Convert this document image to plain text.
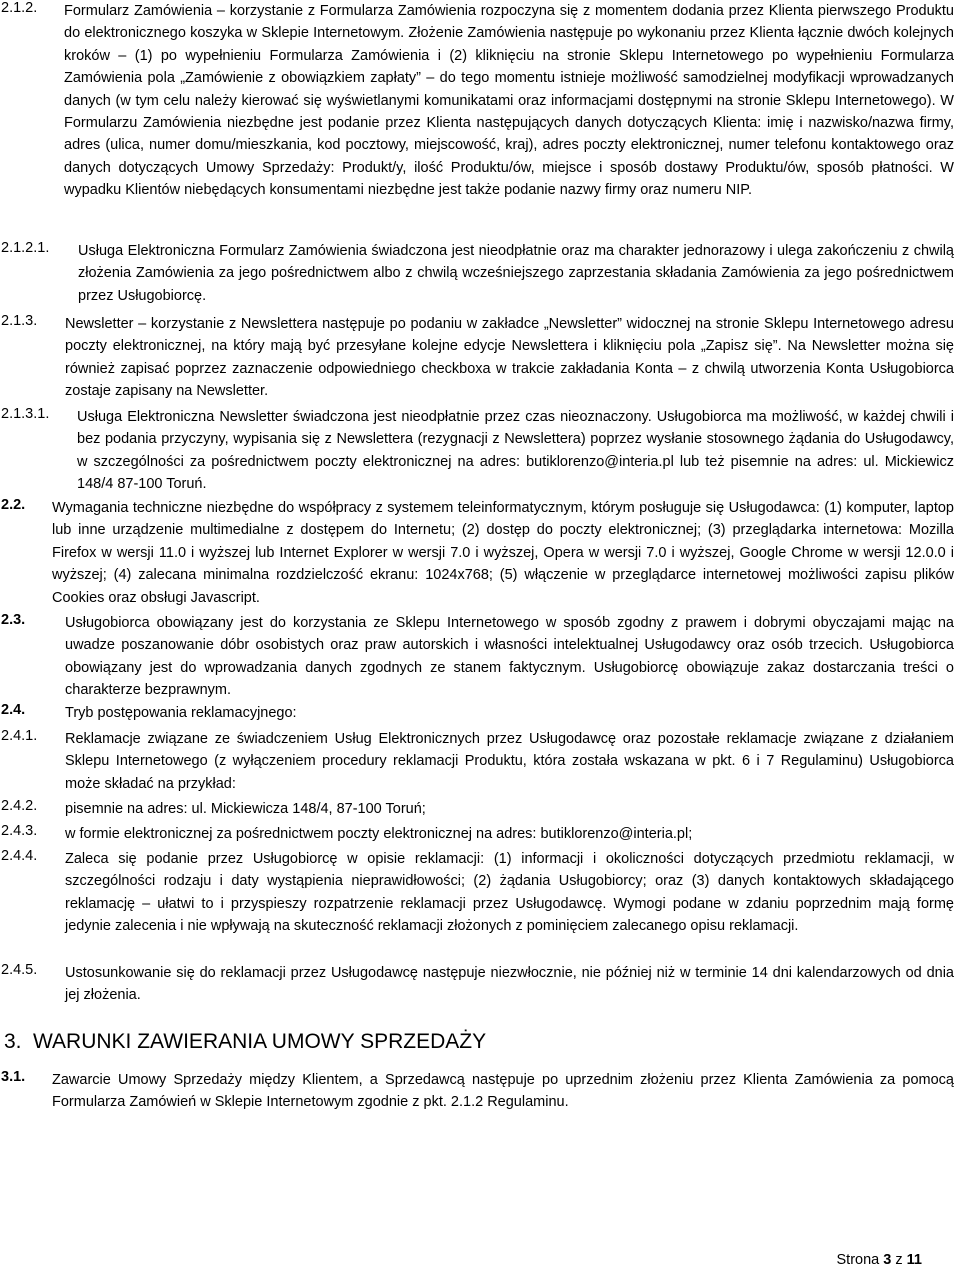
2.1.2. Formularz Zamówienia – korzystanie z Formularza Zamówienia rozpoczyna się z momentem dodania przez Klienta pierwszego Produktu do elektronicznego koszyka w Sklepie Internetowym. Złożenie Zamówienia następuje po wykonaniu przez Klienta łącznie dwóch kolejnych kroków – (1) po wypełnieniu Formularza Zamówienia i (2) kliknięciu na stronie Sklepu Internetowego po wypełnieniu Formularza Zamówienia pola „Zamówienie z obowiązkiem zapłaty” – do tego momentu istnieje możliwość samodzielnej modyfikacji wprowadzanych danych (w tym celu należy kierować się wyświetlanymi komunikatami oraz informacjami dostępnymi na stronie Sklepu Internetowego). W Formularzu Zamówienia niezbędne jest podanie przez Klienta następujących danych dotyczących Klienta: imię i nazwisko/nazwa firmy, adres (ulica, numer domu/mieszkania, kod pocztowy, miejscowość, kraj), adres poczty elektronicznej, numer telefonu kontaktowego oraz danych dotyczących Umowy Sprzedaży: Produkt/y, ilość Produktu/ów, miejsce i sposób dostawy Produktu/ów, sposób płatności. W wypadku Klientów niebędących konsumentami niezbędne jest także podanie nazwy firmy oraz numeru NIP.
2.1.2.1. Usługa Elektroniczna Formularz Zamówienia świadczona jest nieodpłatnie oraz ma charakter jednorazowy i ulega zakończeniu z chwilą złożenia Zamówienia za jego pośrednictwem albo z chwilą wcześniejszego zaprzestania składania Zamówienia za jego pośrednictwem przez Usługobiorcę.
2.1.3. Newsletter – korzystanie z Newslettera następuje po podaniu w zakładce „Newsletter” widocznej na stronie Sklepu Internetowego adresu poczty elektronicznej, na który mają być przesyłane kolejne edycje Newslettera i kliknięciu pola „Zapisz się”. Na Newsletter można się również zapisać poprzez zaznaczenie odpowiedniego checkboxa w trakcie zakładania Konta – z chwilą utworzenia Konta Usługobiorca zostaje zapisany na Newsletter.
2.1.3.1. Usługa Elektroniczna Newsletter świadczona jest nieodpłatnie przez czas nieoznaczony. Usługobiorca ma możliwość, w każdej chwili i bez podania przyczyny, wypisania się z Newslettera (rezygnacji z Newslettera) poprzez wysłanie stosownego żądania do Usługodawcy, w szczególności za pośrednictwem poczty elektronicznej na adres: butiklorenzo@interia.pl lub też pisemnie na adres: ul. Mickiewicz 148/4 87-100 Toruń.
2.2. Wymagania techniczne niezbędne do współpracy z systemem teleinformatycznym, którym posługuje się Usługodawca: (1) komputer, laptop lub inne urządzenie multimedialne z dostępem do Internetu; (2) dostęp do poczty elektronicznej; (3) przeglądarka internetowa: Mozilla Firefox w wersji 11.0 i wyższej lub Internet Explorer w wersji 7.0 i wyższej, Opera w wersji 7.0 i wyższej, Google Chrome w wersji 12.0.0 i wyższej; (4) zalecana minimalna rozdzielczość ekranu: 1024x768; (5) włączenie w przeglądarce internetowej możliwości zapisu plików Cookies oraz obsługi Javascript.
2.3.	Usługobiorca obowiązany jest do korzystania ze Sklepu Internetowego w sposób zgodny z prawem i dobrymi obyczajami mając na uwadze poszanowanie dóbr osobistych oraz praw autorskich i własności intelektualnej Usługodawcy oraz osób trzecich. Usługobiorca obowiązany jest do wprowadzania danych zgodnych ze stanem faktycznym. Usługobiorcę obowiązuje zakaz dostarczania treści o charakterze bezprawnym.
2.4.	Tryb postępowania reklamacyjnego:
2.4.1. Reklamacje związane ze świadczeniem Usług Elektronicznych przez Usługodawcę oraz pozostałe reklamacje związane z działaniem Sklepu Internetowego (z wyłączeniem procedury reklamacji Produktu, która została wskazana w pkt. 6 i 7 Regulaminu) Usługobiorca może składać na przykład:
2.4.2. pisemnie na adres: ul. Mickiewicza 148/4, 87-100 Toruń;
2.4.3. w formie elektronicznej za pośrednictwem poczty elektronicznej na adres: butiklorenzo@interia.pl;
2.4.4. Zaleca się podanie przez Usługobiorcę w opisie reklamacji: (1) informacji i okoliczności dotyczących przedmiotu reklamacji, w szczególności rodzaju i daty wystąpienia nieprawidłowości; (2) żądania Usługobiorcy; oraz (3) danych kontaktowych składającego reklamację – ułatwi to i przyspieszy rozpatrzenie reklamacji przez Usługodawcę. Wymogi podane w zdaniu poprzednim mają formę jedynie zalecenia i nie wpływają na skuteczność reklamacji złożonych z pominięciem zalecanego opisu reklamacji.
2.4.5. Ustosunkowanie się do reklamacji przez Usługodawcę następuje niezwłocznie, nie później niż w terminie 14 dni kalendarzowych od dnia jej złożenia.
3. WARUNKI ZAWIERANIA UMOWY SPRZEDAŻY
3.1. Zawarcie Umowy Sprzedaży między Klientem, a Sprzedawcą następuje po uprzednim złożeniu przez Klienta Zamówienia za pomocą Formularza Zamówień w Sklepie Internetowym zgodnie z pkt. 2.1.2 Regulaminu.
Strona 3 z 11
